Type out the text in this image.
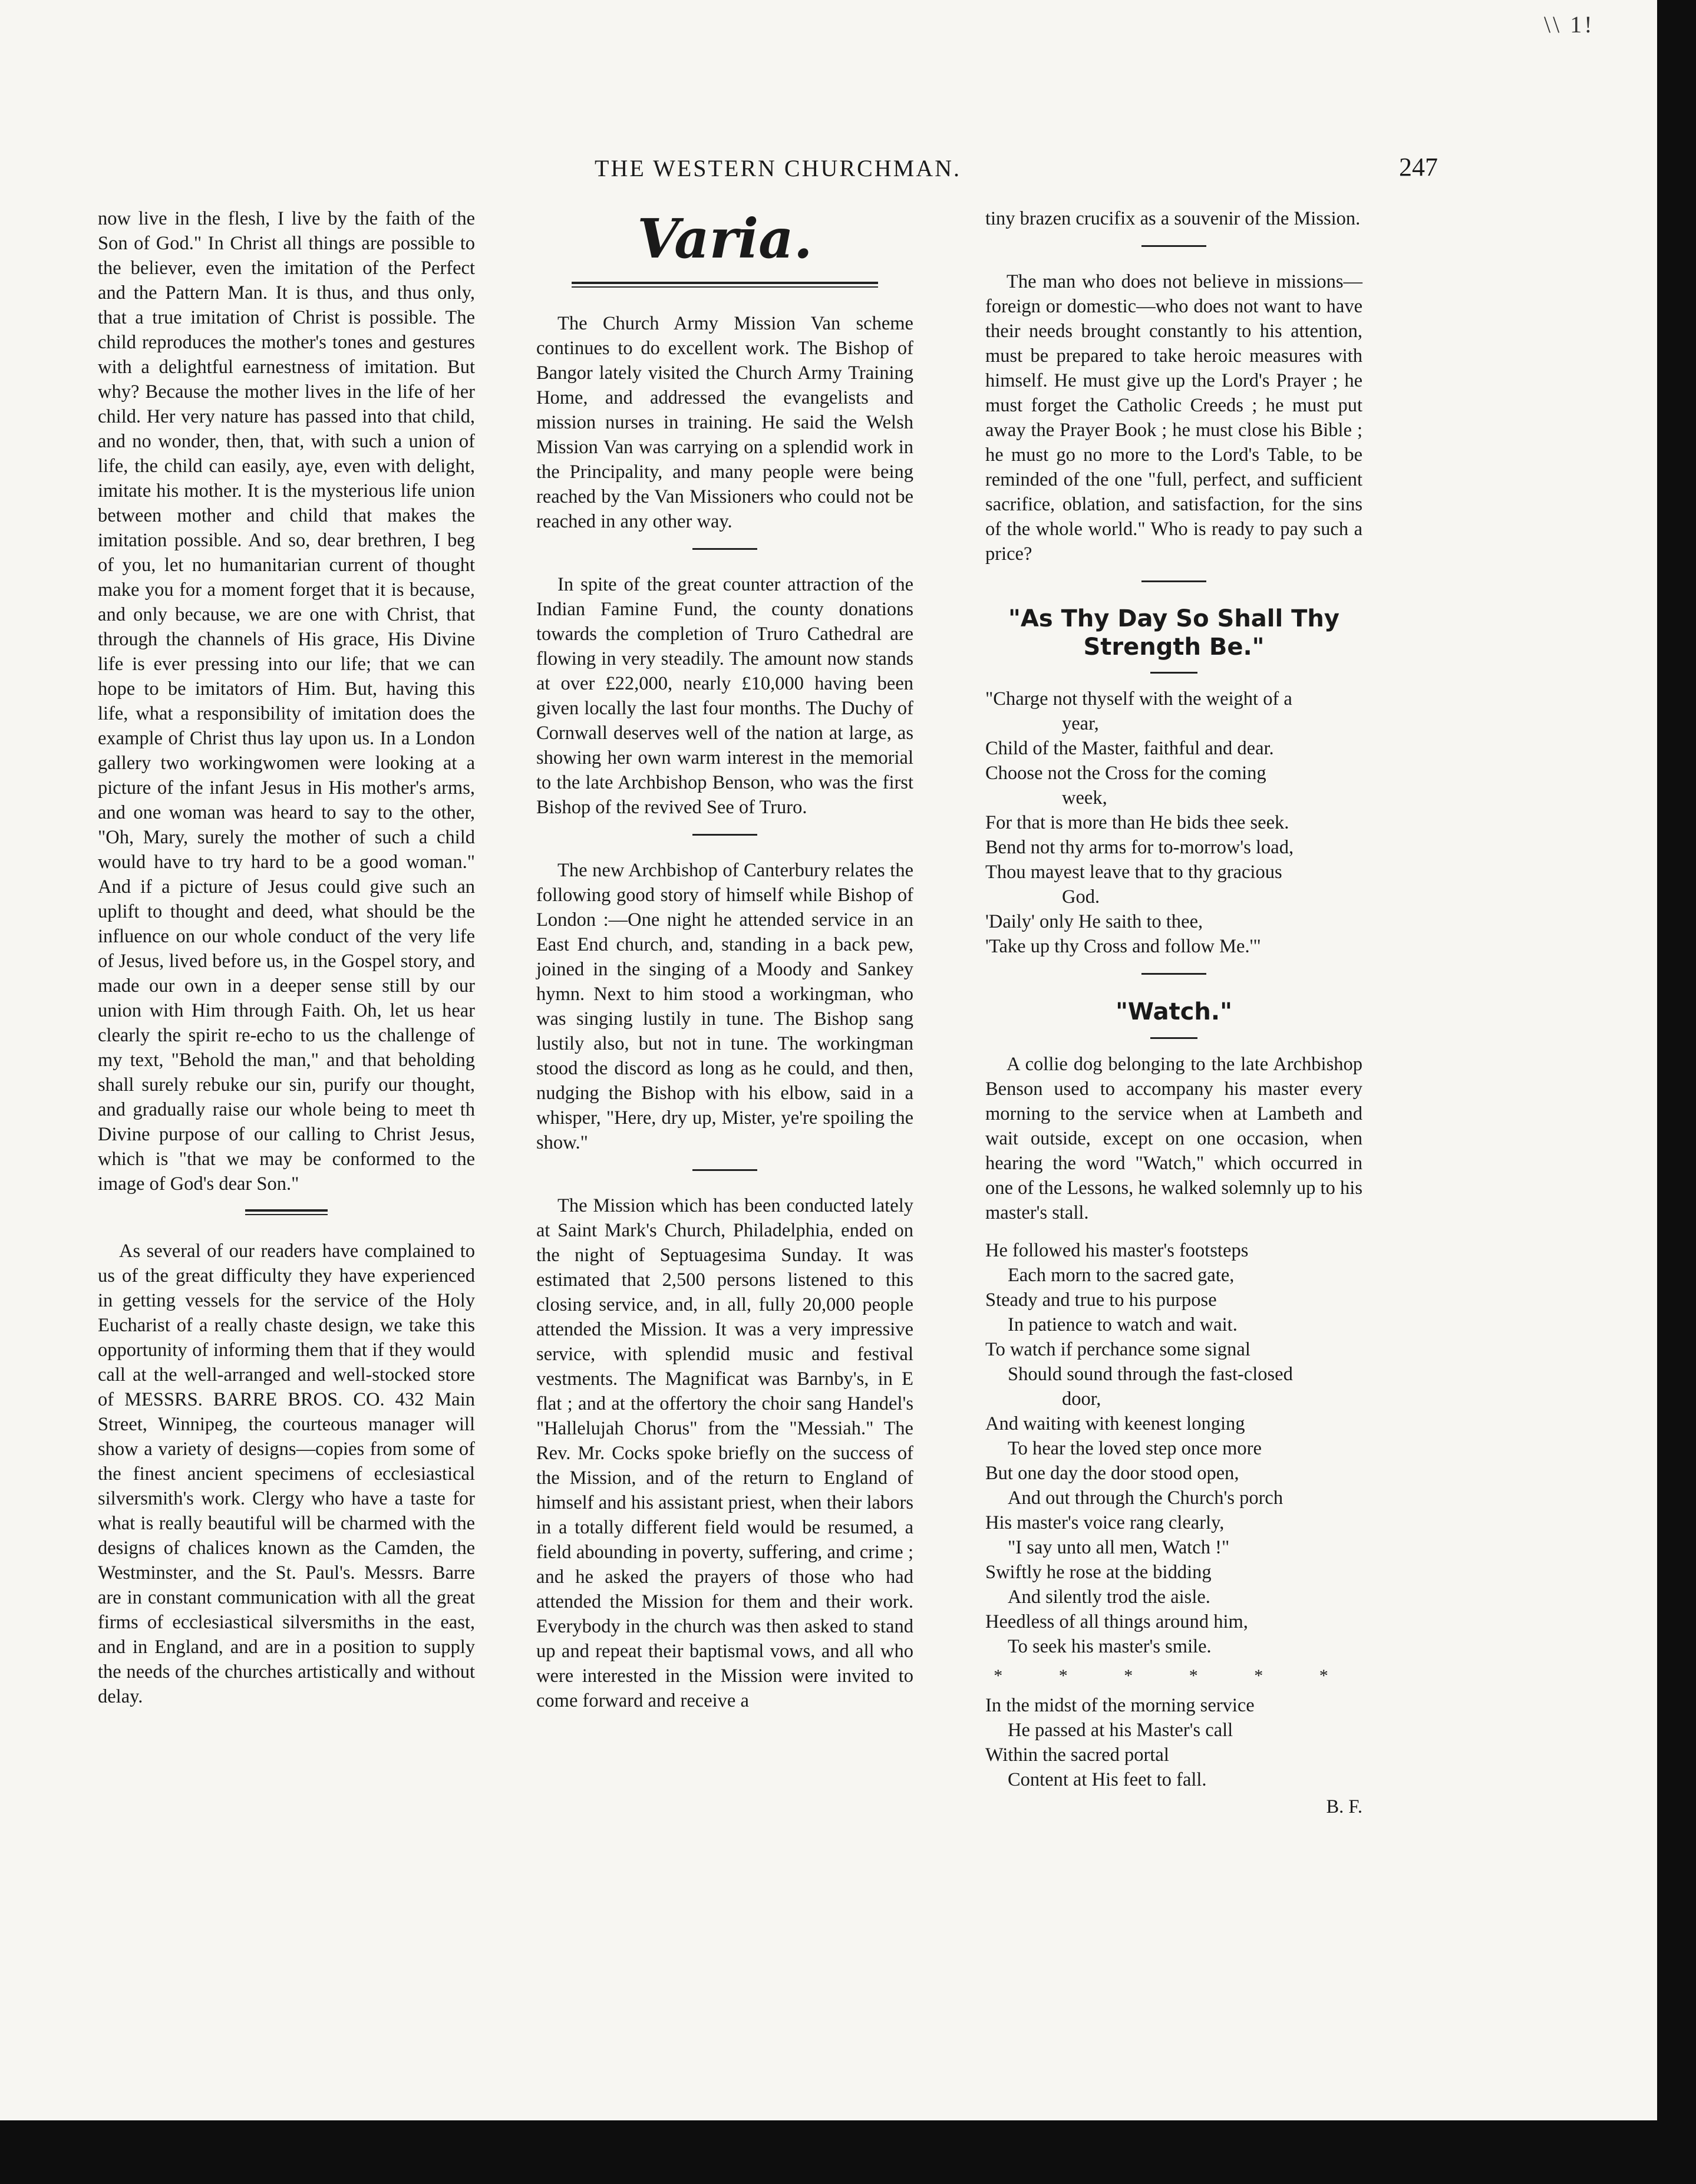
\\ 1!
THE WESTERN CHURCHMAN.	247

now live in the flesh, I live by the faith of the Son of God." In Christ all things are possible to the believer, even the imitation of the Perfect and the Pattern Man. It is thus, and thus only, that a true imitation of Christ is possible. The child reproduces the mother's tones and gestures with a delightful earnestness of imitation. But why? Because the mother lives in the life of her child. Her very nature has passed into that child, and no wonder, then, that, with such a union of life, the child can easily, aye, even with delight, imitate his mother. It is the mysterious life union between mother and child that makes the imitation possible. And so, dear brethren, I beg of you, let no humanitarian current of thought make you for a moment forget that it is because, and only because, we are one with Christ, that through the channels of His grace, His Divine life is ever pressing into our life; that we can hope to be imitators of Him. But, having this life, what a responsibility of imitation does the example of Christ thus lay upon us. In a London gallery two workingwomen were looking at a picture of the infant Jesus in His mother's arms, and one woman was heard to say to the other, "Oh, Mary, surely the mother of such a child would have to try hard to be a good woman." And if a picture of Jesus could give such an uplift to thought and deed, what should be the influence on our whole conduct of the very life of Jesus, lived before us, in the Gospel story, and made our own in a deeper sense still by our union with Him through Faith. Oh, let us hear clearly the spirit re-echo to us the challenge of my text, "Behold the man," and that beholding shall surely rebuke our sin, purify our thought, and gradually raise our whole being to meet th Divine purpose of our calling to Christ Jesus, which is "that we may be conformed to the image of God's dear Son."

As several of our readers have complained to us of the great difficulty they have experienced in getting vessels for the service of the Holy Eucharist of a really chaste design, we take this opportunity of informing them that if they would call at the well-arranged and well-stocked store of MESSRS. BARRE BROS. CO. 432 Main Street, Winnipeg, the courteous manager will show a variety of designs—copies from some of the finest ancient specimens of ecclesiastical silversmith's work. Clergy who have a taste for what is really beautiful will be charmed with the designs of chalices known as the Camden, the Westminster, and the St. Paul's. Messrs. Barre are in constant communication with all the great firms of ecclesiastical silversmiths in the east, and in England, and are in a position to supply the needs of the churches artistically and without delay.

Varia.

The Church Army Mission Van scheme continues to do excellent work. The Bishop of Bangor lately visited the Church Army Training Home, and addressed the evangelists and mission nurses in training. He said the Welsh Mission Van was carrying on a splendid work in the Principality, and many people were being reached by the Van Missioners who could not be reached in any other way.

In spite of the great counter attraction of the Indian Famine Fund, the county donations towards the completion of Truro Cathedral are flowing in very steadily. The amount now stands at over £22,000, nearly £10,000 having been given locally the last four months. The Duchy of Cornwall deserves well of the nation at large, as showing her own warm interest in the memorial to the late Archbishop Benson, who was the first Bishop of the revived See of Truro.

The new Archbishop of Canterbury relates the following good story of himself while Bishop of London :—One night he attended service in an East End church, and, standing in a back pew, joined in the singing of a Moody and Sankey hymn. Next to him stood a workingman, who was singing lustily in tune. The Bishop sang lustily also, but not in tune. The workingman stood the discord as long as he could, and then, nudging the Bishop with his elbow, said in a whisper, "Here, dry up, Mister, ye're spoiling the show."

The Mission which has been conducted lately at Saint Mark's Church, Philadelphia, ended on the night of Septuagesima Sunday. It was estimated that 2,500 persons listened to this closing service, and, in all, fully 20,000 people attended the Mission. It was a very impressive service, with splendid music and festival vestments. The Magnificat was Barnby's, in E flat ; and at the offertory the choir sang Handel's "Hallelujah Chorus" from the "Messiah." The Rev. Mr. Cocks spoke briefly on the success of the Mission, and of the return to England of himself and his assistant priest, when their labors in a totally different field would be resumed, a field abounding in poverty, suffering, and crime ; and he asked the prayers of those who had attended the Mission for them and their work. Everybody in the church was then asked to stand up and repeat their baptismal vows, and all who were interested in the Mission were invited to come forward and receive a

tiny brazen crucifix as a souvenir of the Mission.

The man who does not believe in missions—foreign or domestic—who does not want to have their needs brought constantly to his attention, must be prepared to take heroic measures with himself. He must give up the Lord's Prayer ; he must forget the Catholic Creeds ; he must put away the Prayer Book ; he must close his Bible ; he must go no more to the Lord's Table, to be reminded of the one "full, perfect, and sufficient sacrifice, oblation, and satisfaction, for the sins of the whole world." Who is ready to pay such a price?

"As Thy Day So Shall Thy Strength Be."
"Charge not thyself with the weight of a
year,
Child of the Master, faithful and dear.
Choose not the Cross for the coming
week,
For that is more than He bids thee seek.
Bend not thy arms for to-morrow's load,
Thou mayest leave that to thy gracious
God.
'Daily' only He saith to thee,
'Take up thy Cross and follow Me.'"
"Watch."

A collie dog belonging to the late Archbishop Benson used to accompany his master every morning to the service when at Lambeth and wait outside, except on one occasion, when hearing the word "Watch," which occurred in one of the Lessons, he walked solemnly up to his master's stall.

He followed his master's footsteps
Each morn to the sacred gate,
Steady and true to his purpose
In patience to watch and wait.
To watch if perchance some signal
Should sound through the fast-closed
door,
And waiting with keenest longing
To hear the loved step once more
But one day the door stood open,
And out through the Church's porch
His master's voice rang clearly,
"I say unto all men, Watch !"
Swiftly he rose at the bidding
And silently trod the aisle.
Heedless of all things around him,
To seek his master's smile.
* * * * * *
In the midst of the morning service
He passed at his Master's call
Within the sacred portal
Content at His feet to fall.
B. F.
